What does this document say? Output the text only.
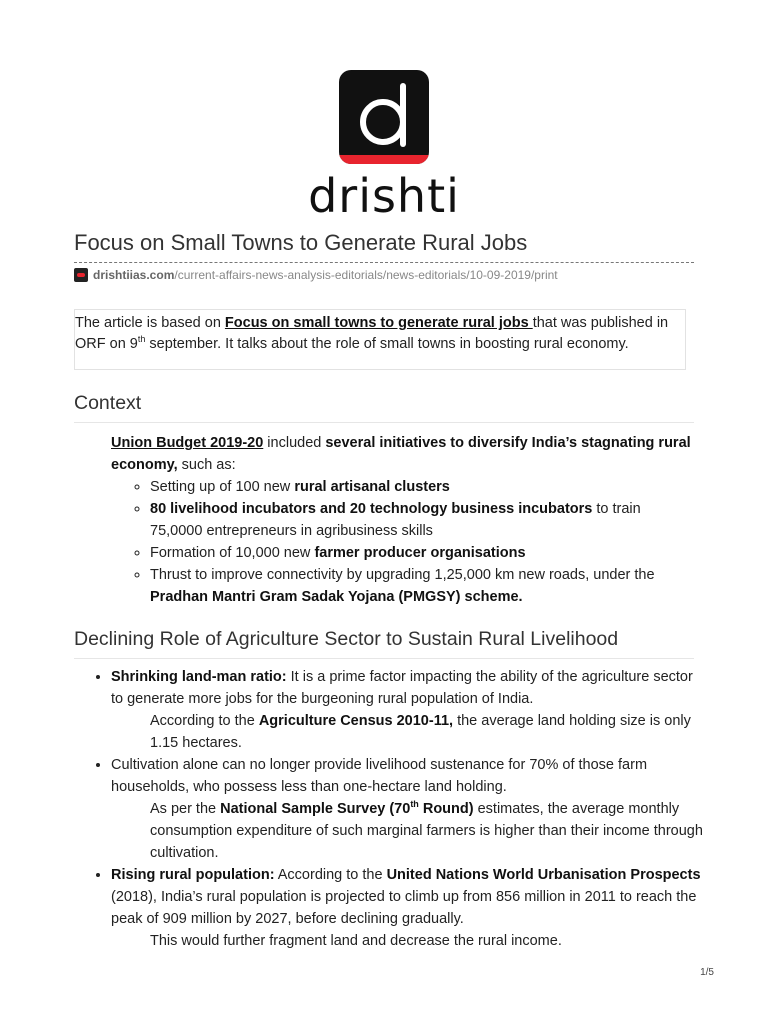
drishti
Focus on Small Towns to Generate Rural Jobs
drishtiias.com /current-affairs-news-analysis-editorials/news-editorials/10-09-2019/print
The article is based on Focus on small towns to generate rural jobs that was published in ORF on 9th september. It talks about the role of small towns in boosting rural economy.
Context
Union Budget 2019-20 included several initiatives to diversify India’s stagnating rural economy, such as:
◦ Setting up of 100 new rural artisanal clusters
◦ 80 livelihood incubators and 20 technology business incubators to train 75,0000 entrepreneurs in agribusiness skills
◦ Formation of 10,000 new farmer producer organisations
◦ Thrust to improve connectivity by upgrading 1,25,000 km new roads, under the Pradhan Mantri Gram Sadak Yojana (PMGSY) scheme.
Declining Role of Agriculture Sector to Sustain Rural Livelihood
• Shrinking land-man ratio: It is a prime factor impacting the ability of the agriculture sector to generate more jobs for the burgeoning rural population of India.
According to the Agriculture Census 2010-11, the average land holding size is only 1.15 hectares.
• Cultivation alone can no longer provide livelihood sustenance for 70% of those farm households, who possess less than one-hectare land holding.
As per the National Sample Survey (70th Round) estimates, the average monthly consumption expenditure of such marginal farmers is higher than their income through cultivation.
• Rising rural population: According to the United Nations World Urbanisation Prospects (2018), India’s rural population is projected to climb up from 856 million in 2011 to reach the peak of 909 million by 2027, before declining gradually.
This would further fragment land and decrease the rural income.
1/5
